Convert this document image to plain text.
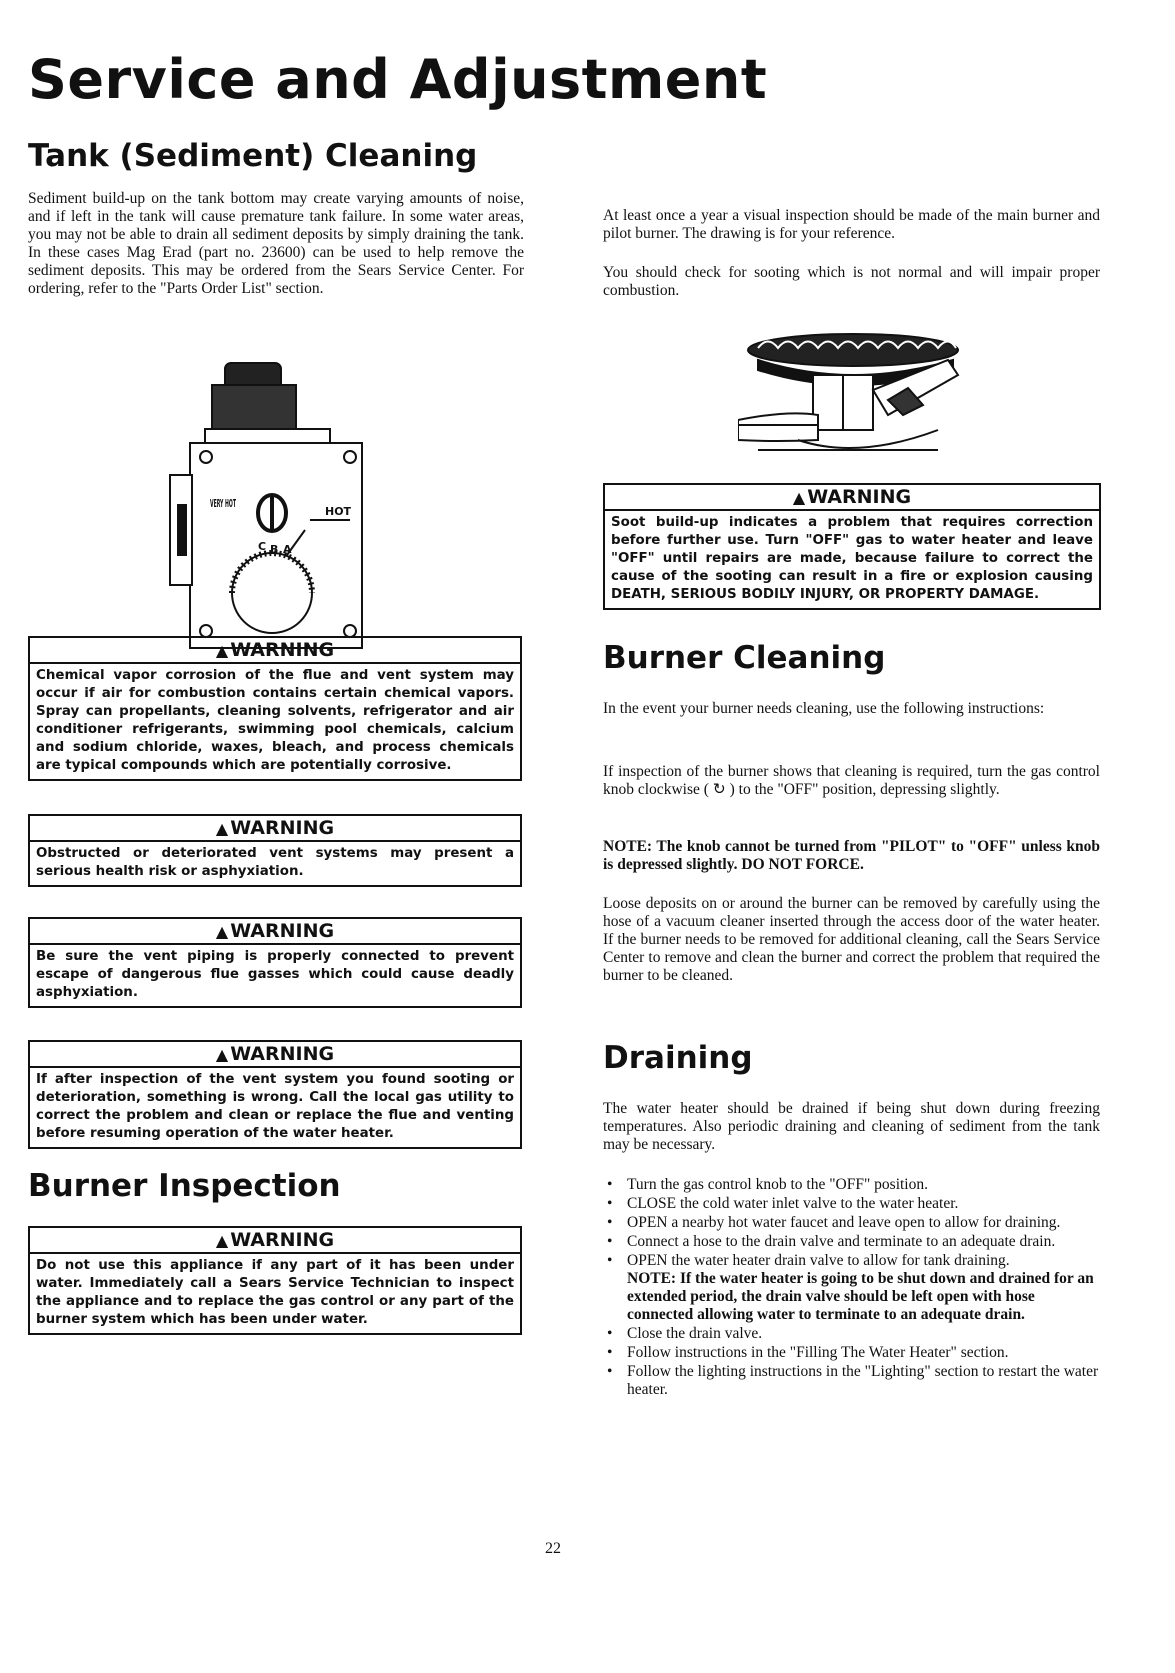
Service and Adjustment
Tank (Sediment) Cleaning

Sediment build-up on the tank bottom may create varying amounts of noise, and if left in the tank will cause premature tank failure. In some water areas, you may not be able to drain all sediment deposits by simply draining the tank. In these cases Mag Erad (part no. 23600) can be used to help remove the sediment deposits. This may be ordered from the Sears Service Center. For ordering, refer to the "Parts Order List" section.

VERY HOT
HOT
C B A
▲ WARNING
Chemical vapor corrosion of the flue and vent system may occur if air for combustion contains certain chemical vapors. Spray can propellants, cleaning solvents, refrigerator and air conditioner refrigerants, swimming pool chemicals, calcium and sodium chloride, waxes, bleach, and process chemicals are typical compounds which are potentially corrosive.
▲ WARNING
Obstructed or deteriorated vent systems may present a serious health risk or asphyxiation.
▲ WARNING
Be sure the vent piping is properly connected to prevent escape of dangerous flue gasses which could cause deadly asphyxiation.
▲ WARNING
If after inspection of the vent system you found sooting or deterioration, something is wrong. Call the local gas utility to correct the problem and clean or replace the flue and venting before resuming operation of the water heater.
Burner Inspection
▲ WARNING
Do not use this appliance if any part of it has been under water. Immediately call a Sears Service Technician to inspect the appliance and to replace the gas control or any part of the burner system which has been under water.

At least once a year a visual inspection should be made of the main burner and pilot burner. The drawing is for your reference.

You should check for sooting which is not normal and will impair proper combustion.

▲ WARNING
Soot build-up indicates a problem that requires correction before further use. Turn "OFF" gas to water heater and leave "OFF" until repairs are made, because failure to correct the cause of the sooting can result in a fire or explosion causing DEATH, SERIOUS BODILY INJURY, OR PROPERTY DAMAGE.
Burner Cleaning

In the event your burner needs cleaning, use the following instructions:

If inspection of the burner shows that cleaning is required, turn the gas control knob clockwise ( ↻ ) to the "OFF" position, depressing slightly.

NOTE: The knob cannot be turned from "PILOT" to "OFF" unless knob is depressed slightly. DO NOT FORCE.

Loose deposits on or around the burner can be removed by carefully using the hose of a vacuum cleaner inserted through the access door of the water heater. If the burner needs to be removed for additional cleaning, call the Sears Service Center to remove and clean the burner and correct the problem that required the burner to be cleaned.

Draining

The water heater should be drained if being shut down during freezing temperatures. Also periodic draining and cleaning of sediment from the tank may be necessary.

• Turn the gas control knob to the "OFF" position.
• CLOSE the cold water inlet valve to the water heater.
• OPEN a nearby hot water faucet and leave open to allow for draining.
• Connect a hose to the drain valve and terminate to an adequate drain.
• OPEN the water heater drain valve to allow for tank draining.
NOTE: If the water heater is going to be shut down and drained for an extended period, the drain valve should be left open with hose connected allowing water to terminate to an adequate drain.
• Close the drain valve.
• Follow instructions in the "Filling The Water Heater" section.
• Follow the lighting instructions in the "Lighting" section to restart the water heater.
22
